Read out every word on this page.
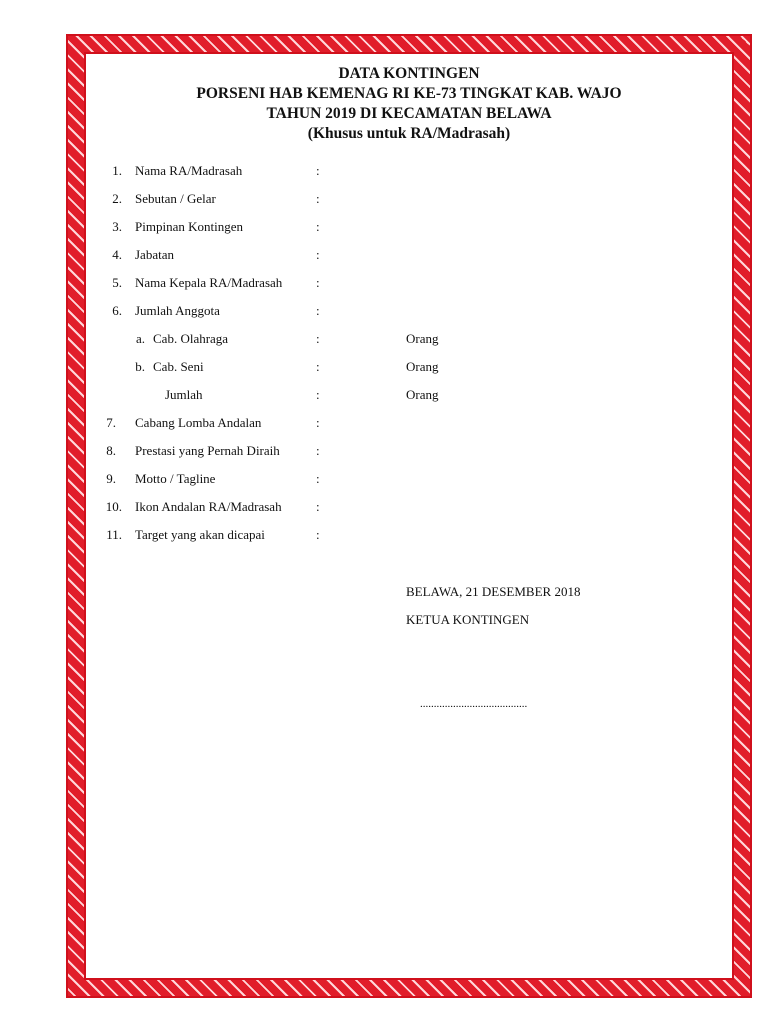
DATA KONTINGEN
PORSENI HAB KEMENAG RI KE-73 TINGKAT KAB. WAJO
TAHUN 2019 DI KECAMATAN BELAWA
(Khusus untuk RA/Madrasah)
1. Nama RA/Madrasah	:
2. Sebutan / Gelar	:
3. Pimpinan Kontingen	:
4. Jabatan	:
5. Nama Kepala RA/Madrasah	:
6. Jumlah Anggota	:
a. Cab. Olahraga	:	Orang
b. Cab. Seni	:	Orang
Jumlah	:	Orang
7. Cabang Lomba Andalan	:
8. Prestasi yang Pernah Diraih	:
9. Motto / Tagline	:
10. Ikon Andalan RA/Madrasah	:
11. Target yang akan dicapai	:
BELAWA, 21 DESEMBER 2018
KETUA KONTINGEN
.......................................
